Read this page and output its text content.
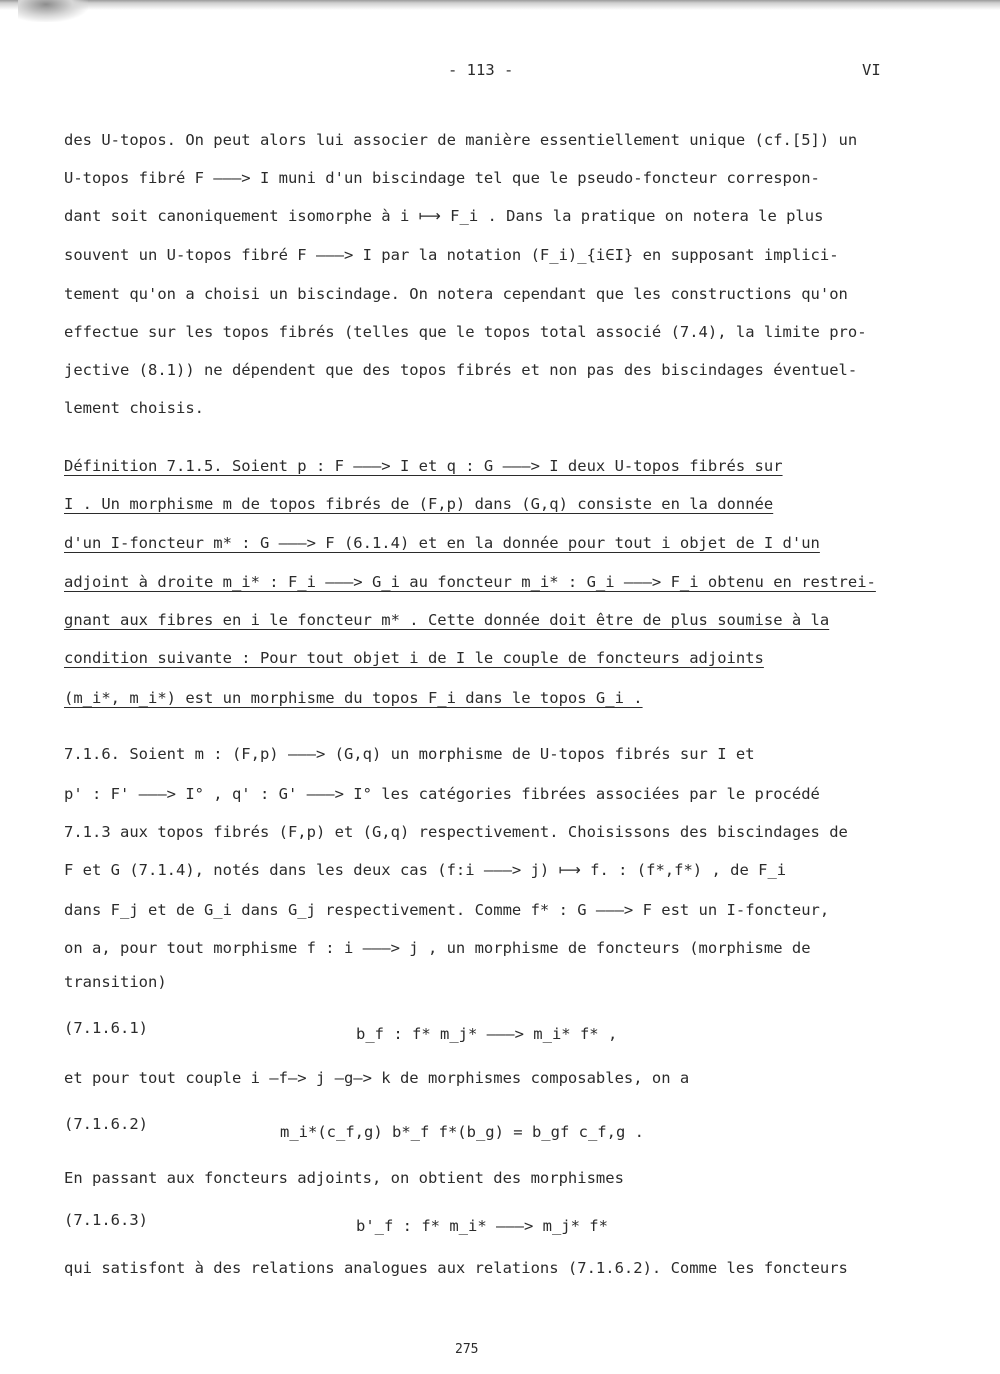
- 113 -	VI
des U-topos. On peut alors lui associer de manière essentiellement unique (cf.[5]) un
U-topos fibré F ———> I muni d'un biscindage tel que le pseudo-foncteur correspon-
dant soit canoniquement isomorphe à i ⟼ F_i . Dans la pratique on notera le plus
souvent un U-topos fibré F ———> I par la notation (F_i)_{i∈I} en supposant implici-
tement qu'on a choisi un biscindage. On notera cependant que les constructions qu'on
effectue sur les topos fibrés (telles que le topos total associé (7.4), la limite pro-
jective (8.1)) ne dépendent que des topos fibrés et non pas des biscindages éventuel-
lement choisis.
Définition 7.1.5. Soient p : F ———> I et q : G ———> I deux U-topos fibrés sur
I . Un morphisme m de topos fibrés de (F,p) dans (G,q) consiste en la donnée
d'un I-foncteur m* : G ———> F (6.1.4) et en la donnée pour tout i objet de I d'un
adjoint à droite m_i* : F_i ———> G_i au foncteur m_i* : G_i ———> F_i obtenu en restrei-
gnant aux fibres en i le foncteur m* . Cette donnée doit être de plus soumise à la
condition suivante : Pour tout objet i de I le couple de foncteurs adjoints
(m_i*, m_i*) est un morphisme du topos F_i dans le topos G_i .
7.1.6. Soient m : (F,p) ———> (G,q) un morphisme de U-topos fibrés sur I et
p' : F' ———> I° , q' : G' ———> I° les catégories fibrées associées par le procédé
7.1.3 aux topos fibrés (F,p) et (G,q) respectivement. Choisissons des biscindages de
F et G (7.1.4), notés dans les deux cas (f:i ———> j) ⟼ f. : (f*,f*) , de F_i
dans F_j et de G_i dans G_j respectivement. Comme f* : G ———> F est un I-foncteur,
on a, pour tout morphisme f : i ———> j , un morphisme de foncteurs (morphisme de
transition)
(7.1.6.1)	b_f : f* m_j* ———> m_i* f* ,
et pour tout couple i —f—> j —g—> k de morphismes composables, on a
(7.1.6.2)	m_i*(c_f,g) b*_f f*(b_g) = b_gf c_f,g .
En passant aux foncteurs adjoints, on obtient des morphismes
(7.1.6.3)	b'_f : f* m_i* ———> m_j* f*
qui satisfont à des relations analogues aux relations (7.1.6.2). Comme les foncteurs
275
